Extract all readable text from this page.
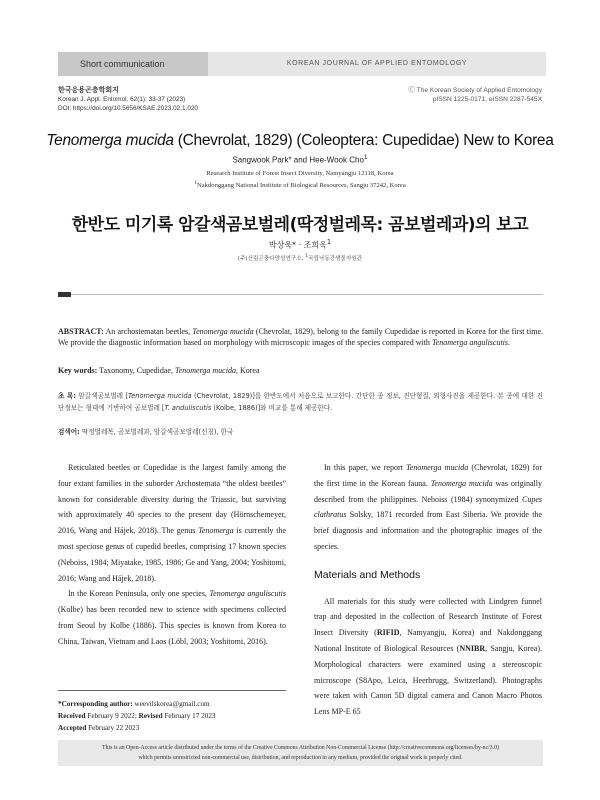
Short communication	KOREAN JOURNAL OF APPLIED ENTOMOLOGY
한국응용곤충학회지
Korean J. Appl. Entomol. 62(1): 33-37 (2023)
DOI: https://doi.org/10.5656/KSAE.2023.02.1.020
Ⓒ The Korean Society of Applied Entomology
pISSN 1225-0171, eISSN 2287-545X
Tenomerga mucida (Chevrolat, 1829) (Coleoptera: Cupedidae) New to Korea
Sangwook Park* and Hee-Wook Cho$^1$
Research Institute of Forest Insect Diversity, Namyangju 12118, Korea
$^1$Nakdonggang National Institute of Biological Resources, Sangju 37242, Korea
한반도 미기록 암갈색곰보벌레(딱정벌레목: 곰보벌레과)의 보고
박상욱* · 조희욱$^1$
(주)산림곤충다양성연구소, $^1$국립낙동강생물자원관
ABSTRACT: An archostematan beetles, Tenomerga mucida (Chevrolat, 1829), belong to the family Cupedidae is reported in Korea for the first time. We provide the diagnostic information based on morphology with microscopic images of the species compared with Tenomerga anguliscutis.
Key words: Taxonomy, Cupedidae, Tenomerga mucida, Korea
초 록: 암갈색곰보벌레 [Tenomerga mucida (Chevrolat, 1829)]를 한반도에서 처음으로 보고한다. 간단한 종 정보, 진단형질, 외형사진을 제공한다. 본 종에 대한 진단정보는 형태에 기반하여 곰보벌레 [T. anduliscutis (Kolbe, 1886)]와 비교를 통해 제공한다.
검색어: 딱정벌레목, 곰보벌레과, 암갈색곰보벌레(신칭), 한국

Reticulated beetles or Cupedidae is the largest family among the four extant families in the suborder Archostemata “the oldest beetles” known for considerable diversity during the Triassic, but surviving with approximately 40 species to the present day (Hörnschemeyer, 2016, Wang and Hájek, 2018). The genus Tenomerga is currently the most speciose genus of cupedid beetles, comprising 17 known species (Neboiss, 1984; Miyatake, 1985, 1986; Ge and Yang, 2004; Yoshitomi, 2016; Wang and Hájek, 2018).

In the Korean Peninsula, only one species, Tenomerga anguliscutis (Kolbe) has been recorded new to science with specimens collected from Seoul by Kolbe (1886). This species is known from Korea to China, Taiwan, Vietnam and Laos (Löbl, 2003; Yoshitomi, 2016).

In this paper, we report Tenomerga mucida (Chevrolat, 1829) for the first time in the Korean fauna. Tenomerga mucida was originally described from the philippines. Neboiss (1984) synonymized Cupes clathratus Solsky, 1871 recorded from East Siberia. We provide the brief diagnosis and information and the photographic images of the species.

Materials and Methods

All materials for this study were collected with Lindgren funnel trap and deposited in the collection of Research Institute of Forest Insect Diversity (RIFID, Namyangju, Korea) and Nakdonggang National Institute of Biological Resources (NNIBR, Sangju, Korea). Morphological characters were examined using a stereoscopic microscope (S8Apo, Leica, Heerbrugg, Switzerland). Photographs were taken with Canon 5D digital camera and Canon Macro Photos Lens MP-E 65

*Corresponding author: weevilskorea@gmail.com
Received February 9 2022; Revised February 17 2023
Accepted February 22 2023
This is an Open-Access article distributed under the terms of the Creative Commons Attribution Non-Commercial License (http://creativecommons.org/licenses/by-nc/3.0)
which permits unrestricted non-commercial use, distribution, and reproduction in any medium, provided the original work is properly cited.
